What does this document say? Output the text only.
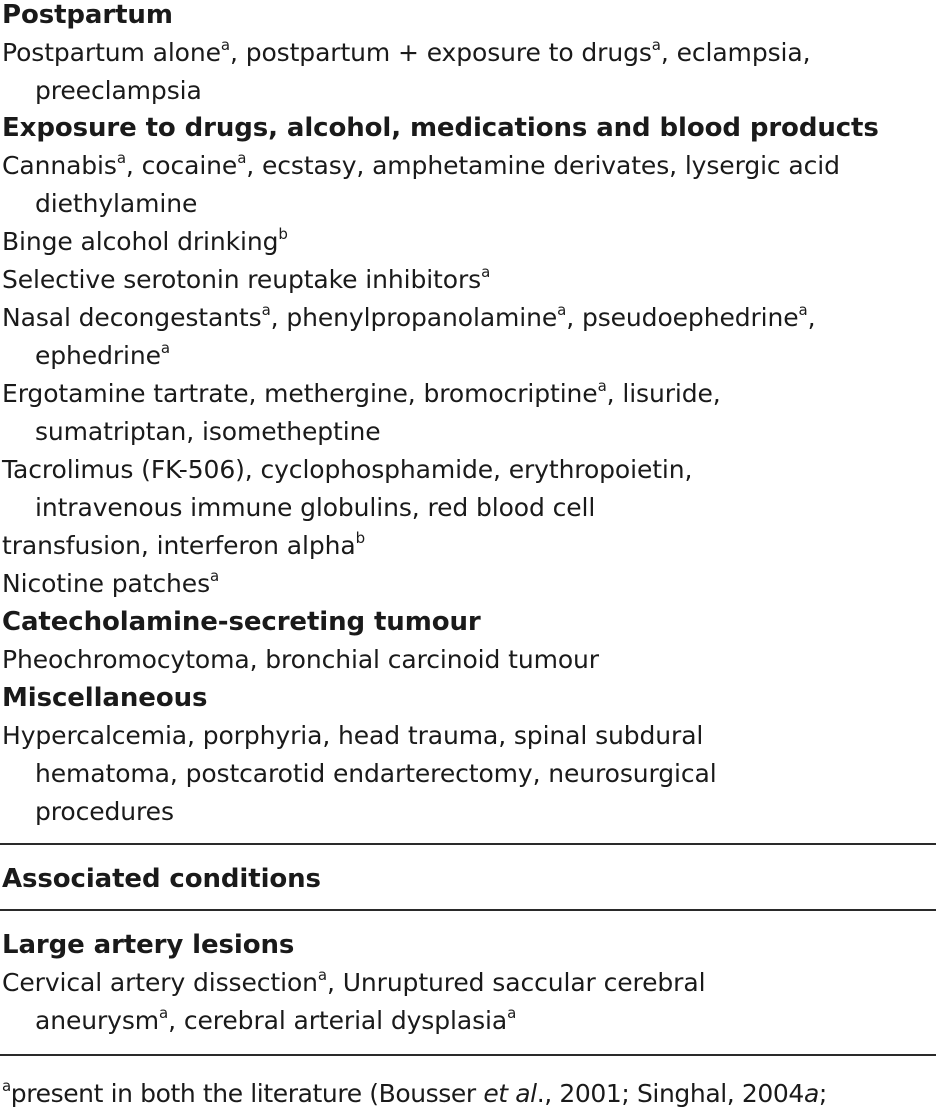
Postpartum
Postpartum alone$^a$, postpartum + exposure to drugs$^a$, eclampsia,
preeclampsia
Exposure to drugs, alcohol, medications and blood products
Cannabis$^a$, cocaine$^a$, ecstasy, amphetamine derivates, lysergic acid
diethylamine
Binge alcohol drinking$^b$
Selective serotonin reuptake inhibitors$^a$
Nasal decongestants$^a$, phenylpropanolamine$^a$, pseudoephedrine$^a$,
ephedrine$^a$
Ergotamine tartrate, methergine, bromocriptine$^a$, lisuride,
sumatriptan, isometheptine
Tacrolimus (FK-506), cyclophosphamide, erythropoietin,
intravenous immune globulins, red blood cell
transfusion, interferon alpha$^b$
Nicotine patches$^a$
Catecholamine-secreting tumour
Pheochromocytoma, bronchial carcinoid tumour
Miscellaneous
Hypercalcemia, porphyria, head trauma, spinal subdural
hematoma, postcarotid endarterectomy, neurosurgical
procedures
Associated conditions
Large artery lesions
Cervical artery dissection$^a$, Unruptured saccular cerebral
aneurysm$^a$, cerebral arterial dysplasia$^a$
$^a$present in both the literature (Bousser et al., 2001; Singhal, 2004a;
